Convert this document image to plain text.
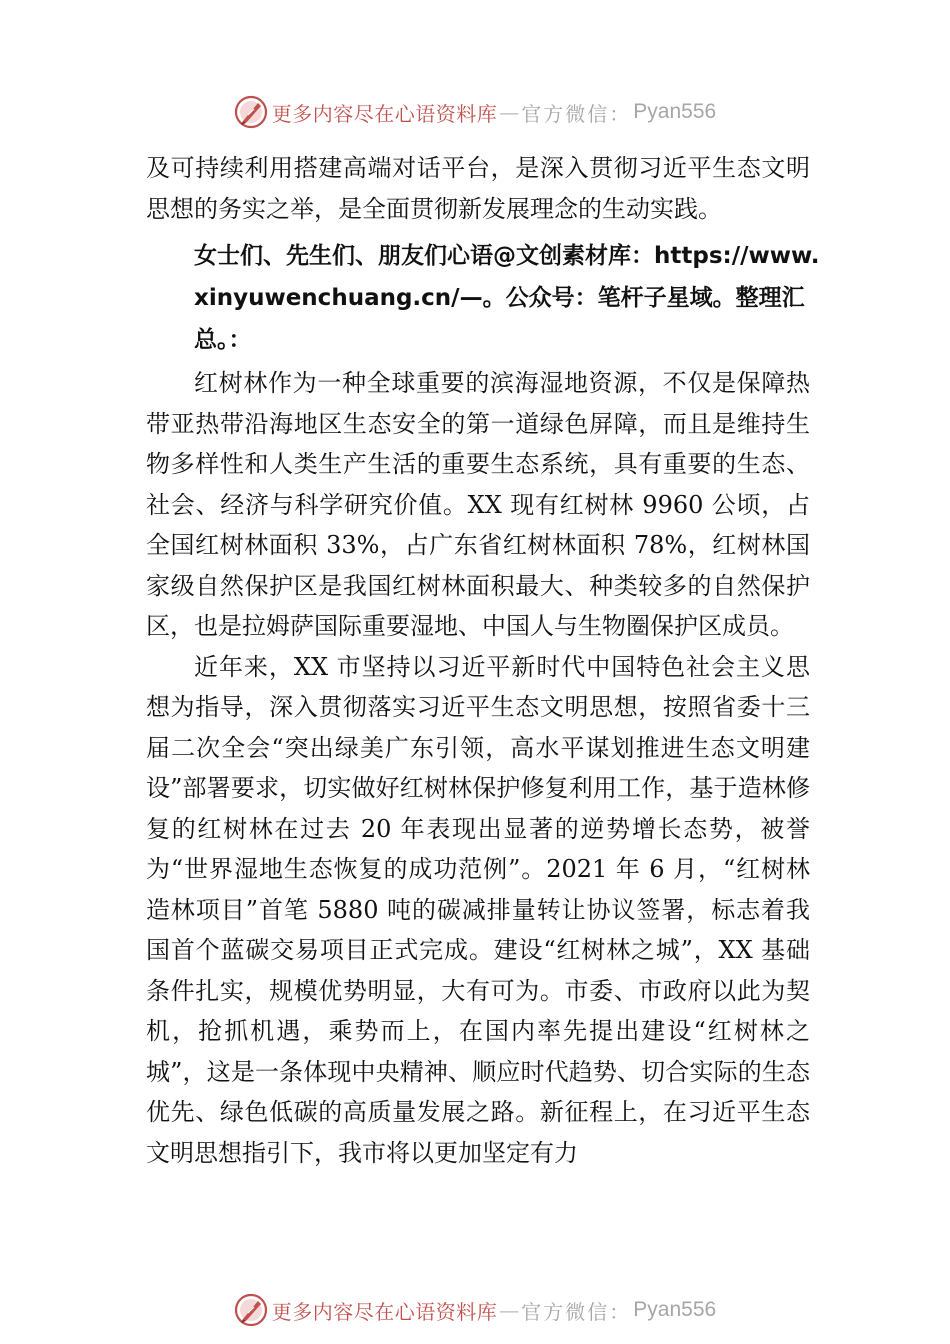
更多内容尽在心语资料库 — 官方微信： Pyan556

及可持续利用搭建高端对话平台，是深入贯彻习近平生态文明思想的务实之举，是全面贯彻新发展理念的生动实践。

女士们、先生们、朋友们心语@文创素材库：https://www.xinyuwenchuang.cn/—。公众号：笔杆子星域。整理汇总。：

红树林作为一种全球重要的滨海湿地资源，不仅是保障热带亚热带沿海地区生态安全的第一道绿色屏障，而且是维持生物多样性和人类生产生活的重要生态系统，具有重要的生态、社会、经济与科学研究价值。XX 现有红树林 9960 公顷，占全国红树林面积 33%，占广东省红树林面积 78%，红树林国家级自然保护区是我国红树林面积最大、种类较多的自然保护区，也是拉姆萨国际重要湿地、中国人与生物圈保护区成员。

近年来，XX 市坚持以习近平新时代中国特色社会主义思想为指导，深入贯彻落实习近平生态文明思想，按照省委十三届二次全会“突出绿美广东引领，高水平谋划推进生态文明建设”部署要求，切实做好红树林保护修复利用工作，基于造林修复的红树林在过去 20 年表现出显著的逆势增长态势，被誉为“世界湿地生态恢复的成功范例”。2021 年 6 月，“红树林造林项目”首笔 5880 吨的碳减排量转让协议签署，标志着我国首个蓝碳交易项目正式完成。建设“红树林之城”，XX 基础条件扎实，规模优势明显，大有可为。市委、市政府以此为契机，抢抓机遇，乘势而上，在国内率先提出建设“红树林之城”，这是一条体现中央精神、顺应时代趋势、切合实际的生态优先、绿色低碳的高质量发展之路。新征程上，在习近平生态文明思想指引下，我市将以更加坚定有力

更多内容尽在心语资料库 — 官方微信： Pyan556
